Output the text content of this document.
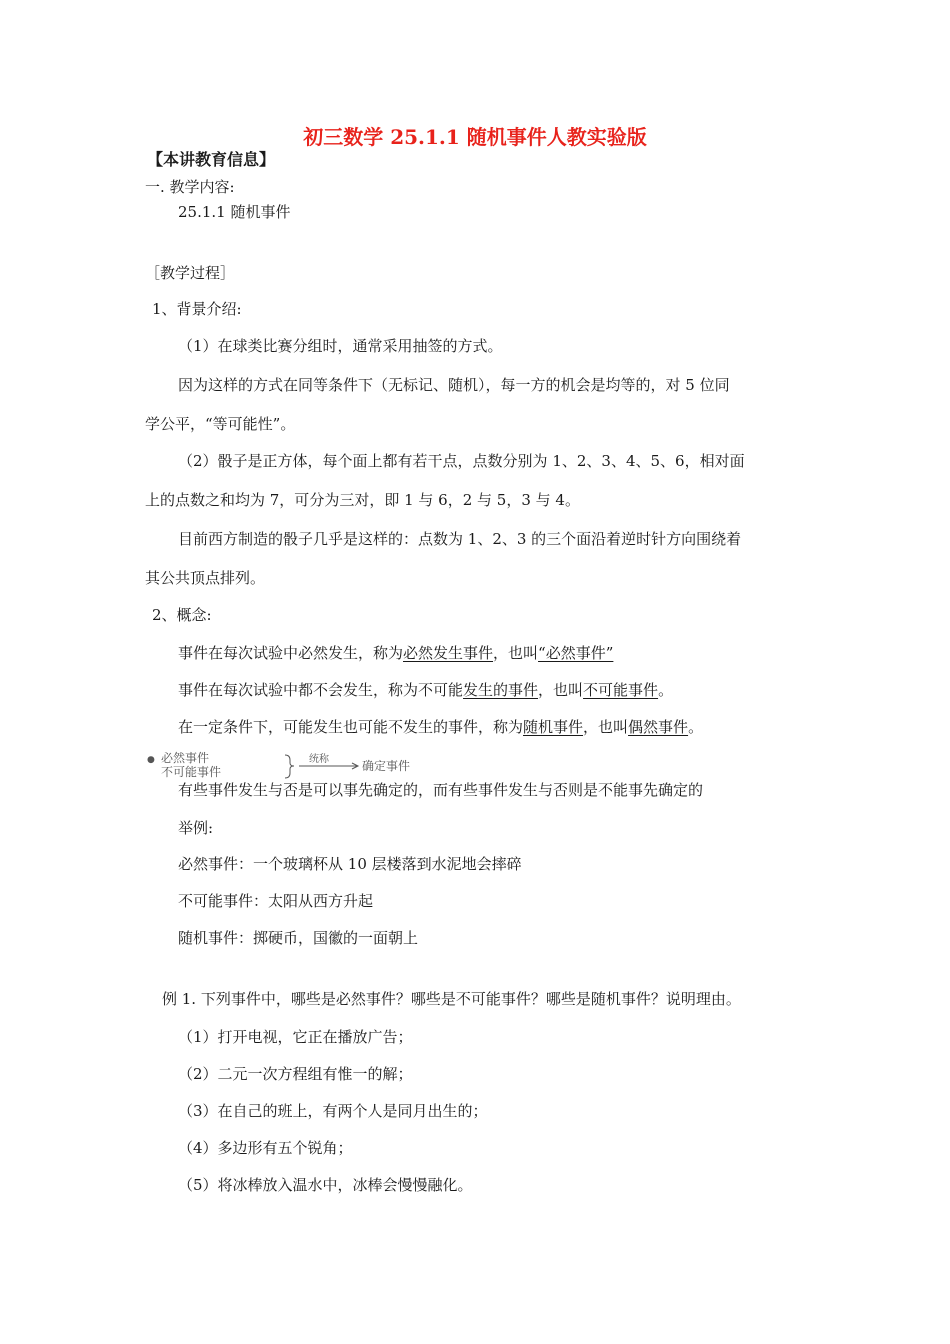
初三数学 25.1.1 随机事件人教实验版
【本讲教育信息】
一. 教学内容:
25.1.1 随机事件
［教学过程］
1、背景介绍:
（1）在球类比赛分组时，通常采用抽签的方式。
因为这样的方式在同等条件下（无标记、随机），每一方的机会是均等的，对 5 位同
学公平，“等可能性”。
（2）骰子是正方体，每个面上都有若干点，点数分别为 1、2、3、4、5、6，相对面
上的点数之和均为 7，可分为三对，即 1 与 6，2 与 5，3 与 4。
目前西方制造的骰子几乎是这样的：点数为 1、2、3 的三个面沿着逆时针方向围绕着
其公共顶点排列。
2、概念:
事件在每次试验中必然发生，称为必然发生事件，也叫“必然事件”
事件在每次试验中都不会发生，称为不可能发生的事件，也叫不可能事件。
在一定条件下，可能发生也可能不发生的事件，称为随机事件，也叫偶然事件。
● 必然事件
不可能事件
统称	确定事件
有些事件发生与否是可以事先确定的，而有些事件发生与否则是不能事先确定的
举例:
必然事件：一个玻璃杯从 10 层楼落到水泥地会摔碎
不可能事件：太阳从西方升起
随机事件：掷硬币，国徽的一面朝上
例 1. 下列事件中，哪些是必然事件？哪些是不可能事件？哪些是随机事件？说明理由。
（1）打开电视，它正在播放广告；
（2）二元一次方程组有惟一的解；
（3）在自己的班上，有两个人是同月出生的；
（4）多边形有五个锐角；
（5）将冰棒放入温水中，冰棒会慢慢融化。
